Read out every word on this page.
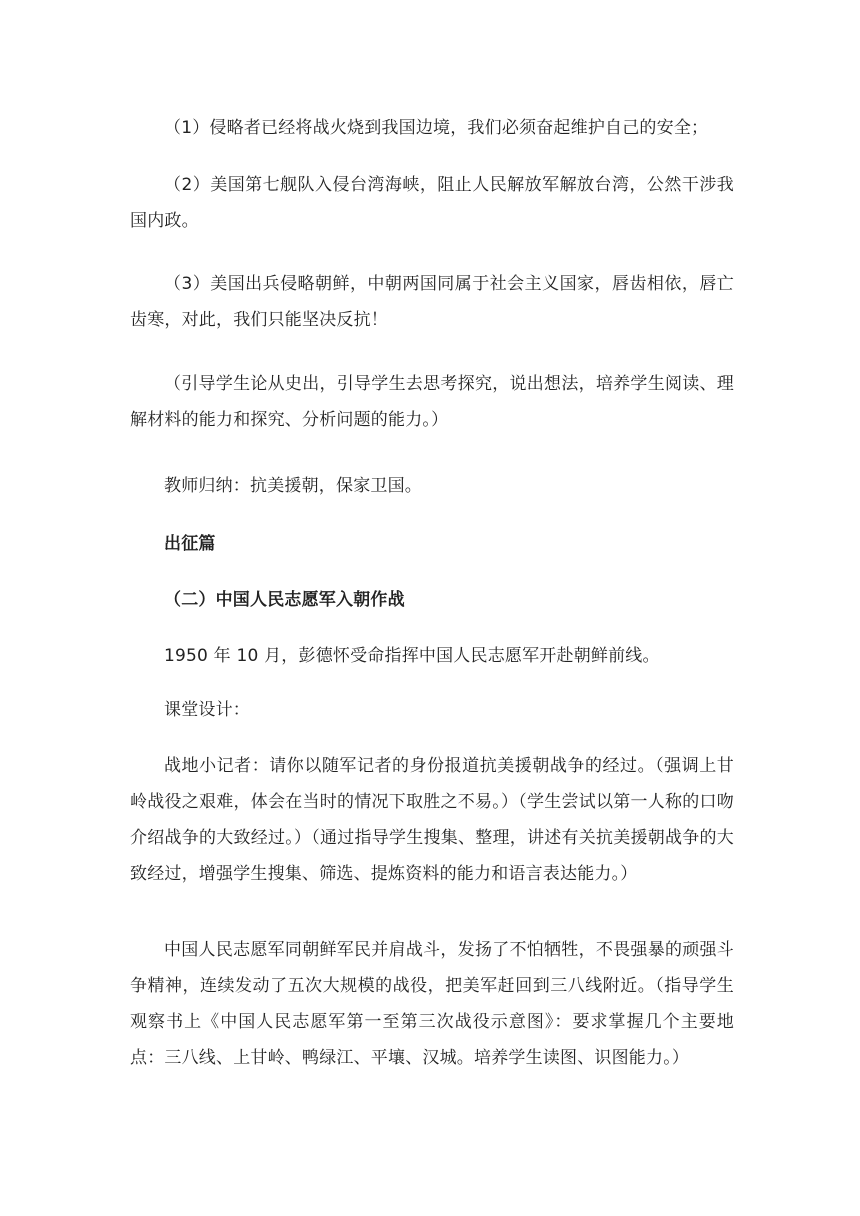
（1）侵略者已经将战火烧到我国边境，我们必须奋起维护自己的安全；

（2）美国第七舰队入侵台湾海峡，阻止人民解放军解放台湾，公然干涉我国内政。

（3）美国出兵侵略朝鲜，中朝两国同属于社会主义国家，唇齿相依，唇亡齿寒，对此，我们只能坚决反抗！

（引导学生论从史出，引导学生去思考探究，说出想法，培养学生阅读、理解材料的能力和探究、分析问题的能力。）

教师归纳：抗美援朝，保家卫国。

出征篇

（二）中国人民志愿军入朝作战

1950 年 10 月，彭德怀受命指挥中国人民志愿军开赴朝鲜前线。

课堂设计：

战地小记者：请你以随军记者的身份报道抗美援朝战争的经过。（强调上甘岭战役之艰难，体会在当时的情况下取胜之不易。）（学生尝试以第一人称的口吻介绍战争的大致经过。）（通过指导学生搜集、整理，讲述有关抗美援朝战争的大致经过，增强学生搜集、筛选、提炼资料的能力和语言表达能力。）

中国人民志愿军同朝鲜军民并肩战斗，发扬了不怕牺牲，不畏强暴的顽强斗争精神，连续发动了五次大规模的战役，把美军赶回到三八线附近。（指导学生观察书上《中国人民志愿军第一至第三次战役示意图》：要求掌握几个主要地点：三八线、上甘岭、鸭绿江、平壤、汉城。培养学生读图、识图能力。）
